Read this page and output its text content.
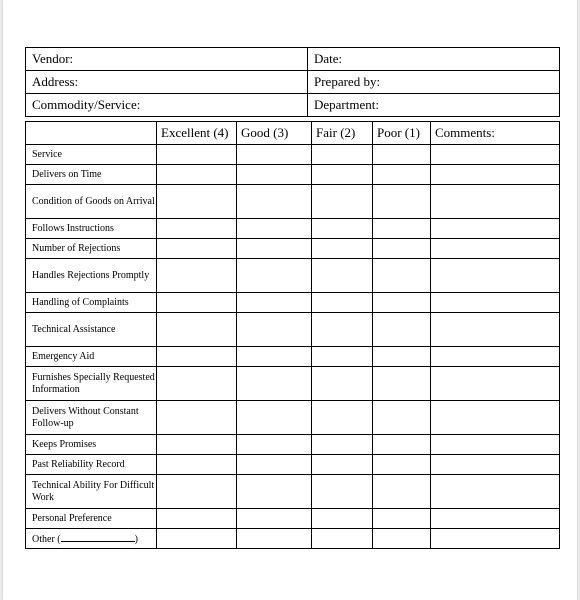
Vendor:	Date:
Address:	Prepared by:
Commodity/Service:	Department:
	Excellent (4)	Good (3)	Fair (2)	Poor (1)	Comments:
Service					
Delivers on Time					
Condition of Goods on Arrival					
Follows Instructions					
Number of Rejections					
Handles Rejections Promptly					
Handling of Complaints					
Technical Assistance					
Emergency Aid					
Furnishes Specially Requested Information					
Delivers Without Constant Follow-up					
Keeps Promises					
Past Reliability Record					
Technical Ability For Difficult Work					
Personal Preference					
Other ( )					
